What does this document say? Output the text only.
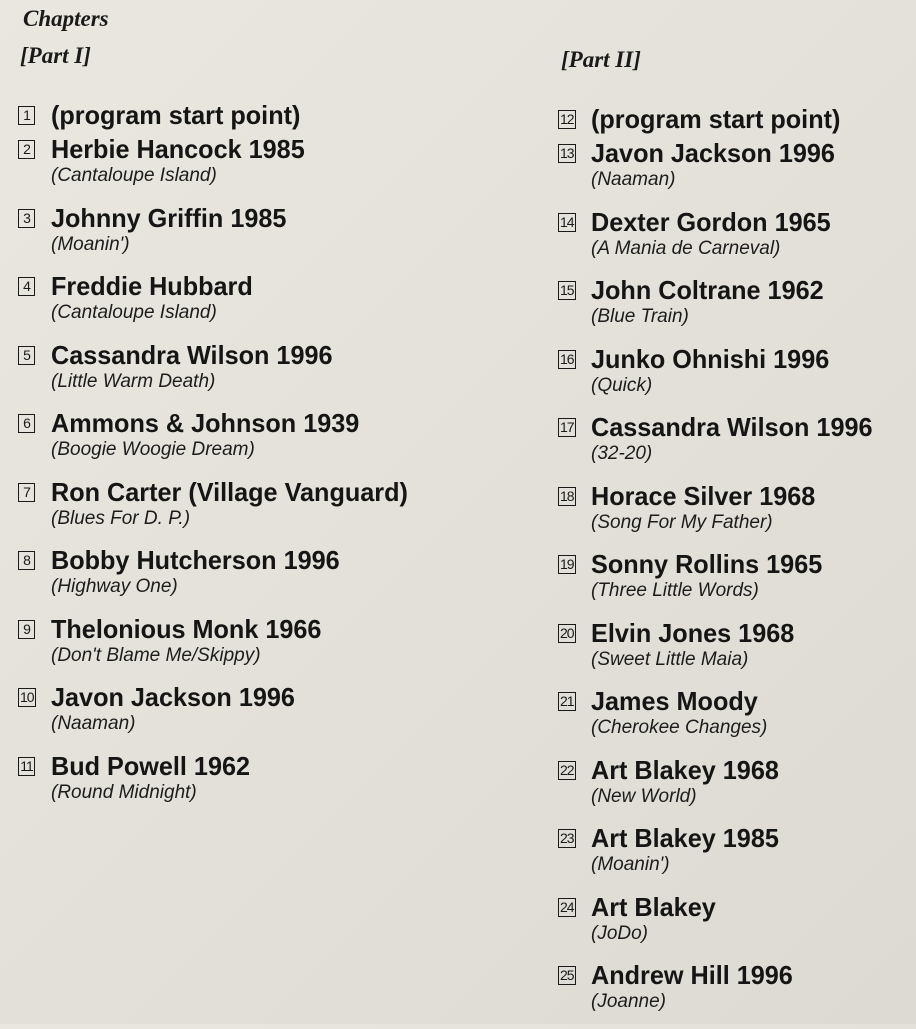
Chapters
[Part I]
1 (program start point)
2 Herbie Hancock 1985
(Cantaloupe Island)
3 Johnny Griffin 1985
(Moanin')
4 Freddie Hubbard
(Cantaloupe Island)
5 Cassandra Wilson 1996
(Little Warm Death)
6 Ammons & Johnson 1939
(Boogie Woogie Dream)
7 Ron Carter (Village Vanguard)
(Blues For D. P.)
8 Bobby Hutcherson 1996
(Highway One)
9 Thelonious Monk 1966
(Don't Blame Me/Skippy)
10 Javon Jackson 1996
(Naaman)
11 Bud Powell 1962
(Round Midnight)
[Part II]
12 (program start point)
13 Javon Jackson 1996
(Naaman)
14 Dexter Gordon 1965
(A Mania de Carneval)
15 John Coltrane 1962
(Blue Train)
16 Junko Ohnishi 1996
(Quick)
17 Cassandra Wilson 1996
(32-20)
18 Horace Silver 1968
(Song For My Father)
19 Sonny Rollins 1965
(Three Little Words)
20 Elvin Jones 1968
(Sweet Little Maia)
21 James Moody
(Cherokee Changes)
22 Art Blakey 1968
(New World)
23 Art Blakey 1985
(Moanin')
24 Art Blakey
(JoDo)
25 Andrew Hill 1996
(Joanne)
